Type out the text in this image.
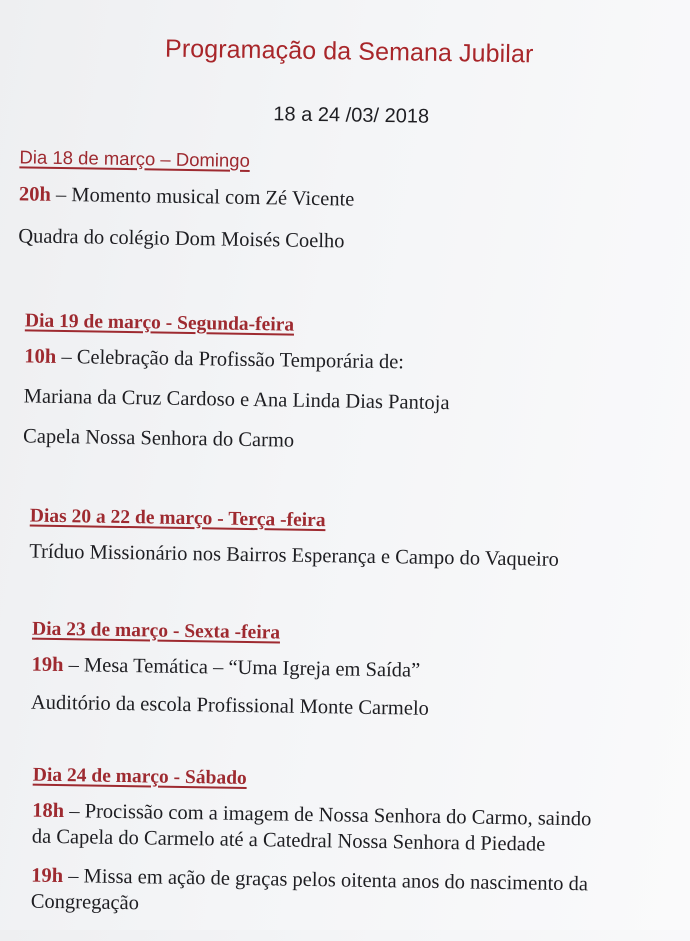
Programação da Semana Jubilar
18 a 24 /03/ 2018
Dia 18 de março – Domingo
20h – Momento musical com Zé Vicente
Quadra do colégio Dom Moisés Coelho
Dia 19 de março - Segunda-feira
10h – Celebração da Profissão Temporária de:
Mariana da Cruz Cardoso e Ana Linda Dias Pantoja
Capela Nossa Senhora do Carmo
Dias 20 a 22 de março - Terça -feira
Tríduo Missionário nos Bairros Esperança e Campo do Vaqueiro
Dia 23 de março - Sexta -feira
19h – Mesa Temática – “Uma Igreja em Saída”
Auditório da escola Profissional Monte Carmelo
Dia 24 de março - Sábado
18h – Procissão com a imagem de Nossa Senhora do Carmo, saindo
da Capela do Carmelo até a Catedral Nossa Senhora d Piedade
19h – Missa em ação de graças pelos oitenta anos do nascimento da
Congregação
